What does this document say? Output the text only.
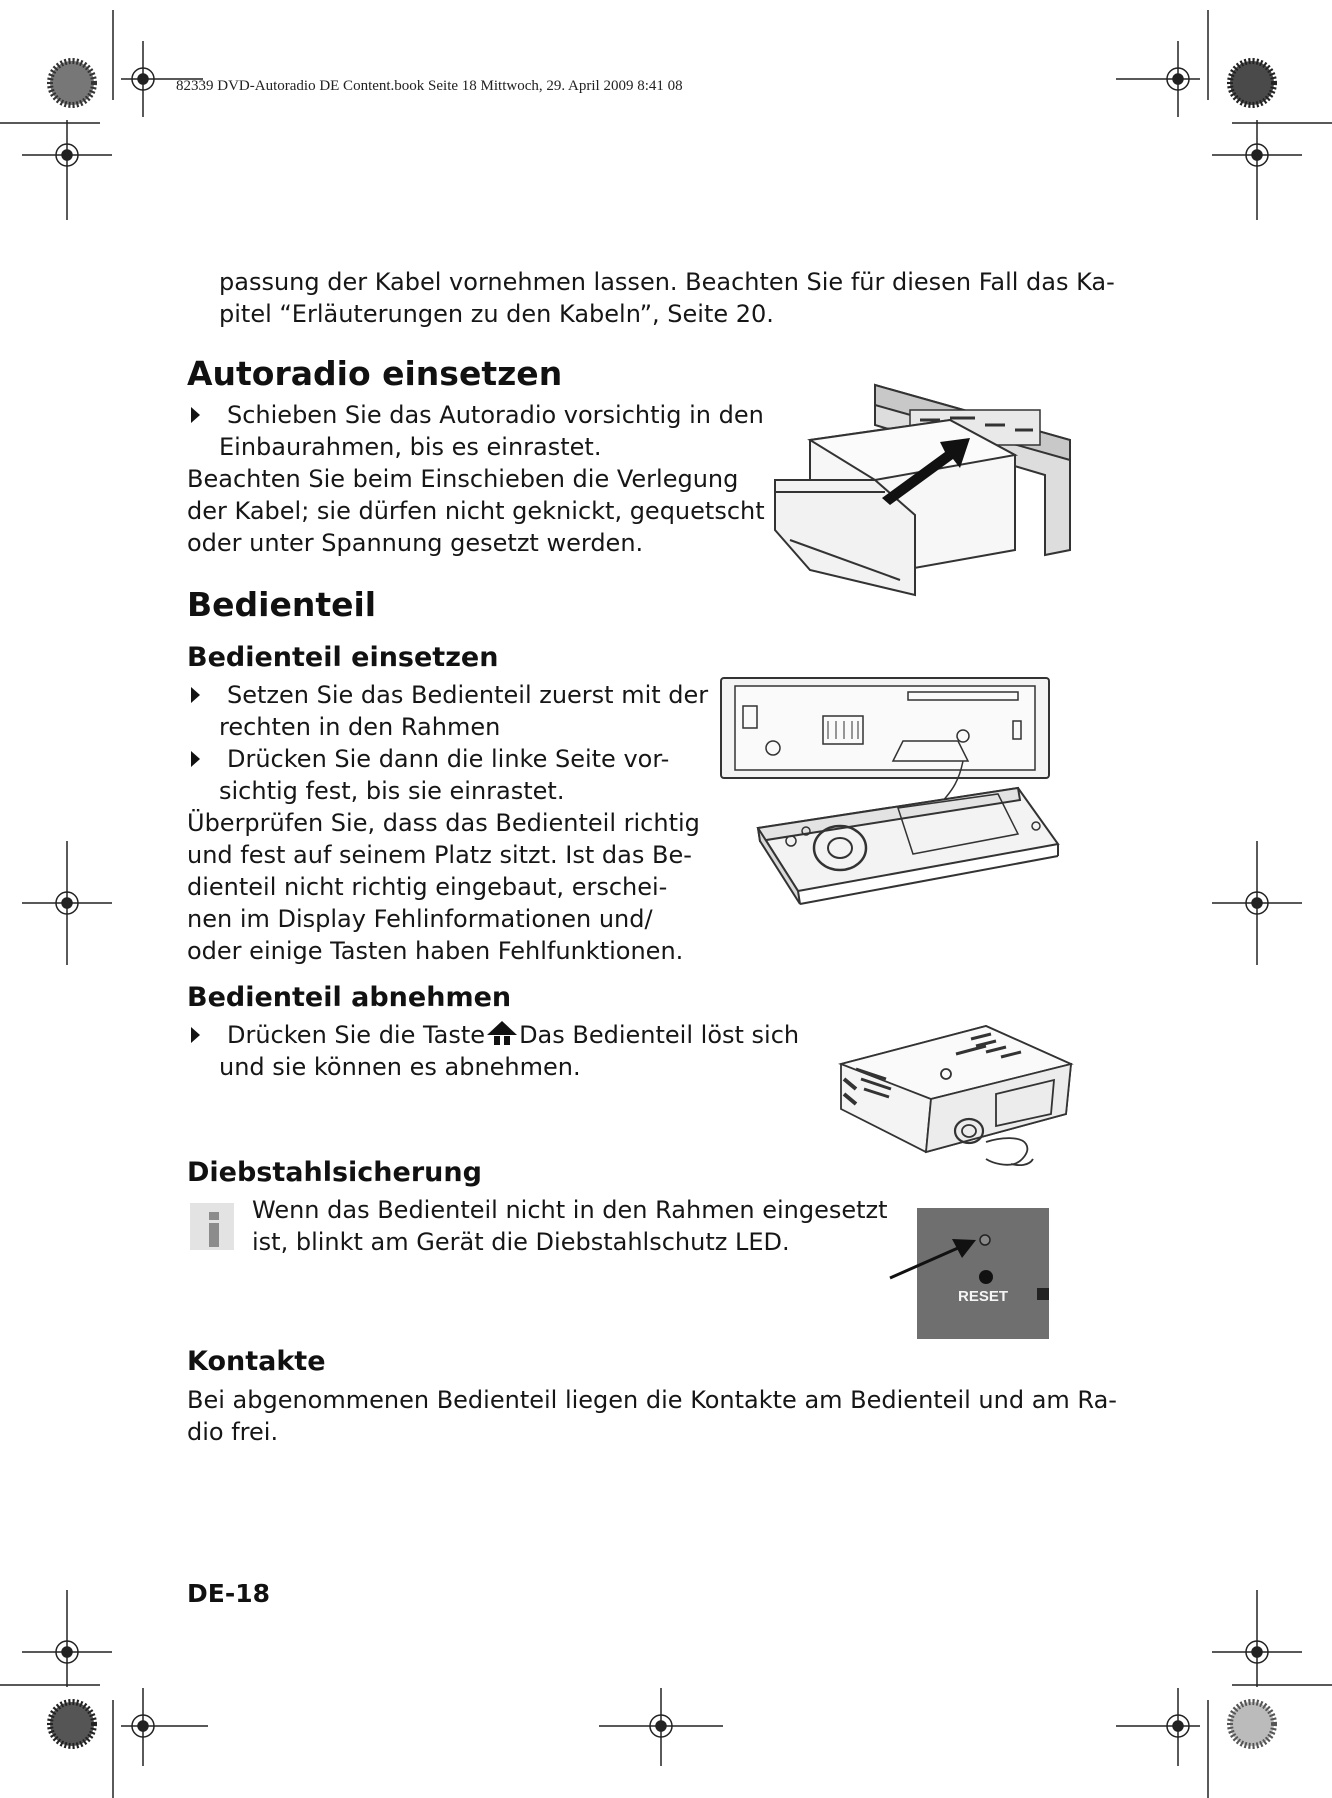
82339 DVD-Autoradio DE Content.book Seite 18 Mittwoch, 29. April 2009 8:41 08
passung der Kabel vornehmen lassen. Beachten Sie für diesen Fall das Ka-
pitel “Erläuterungen zu den Kabeln”, Seite 20.
Autoradio einsetzen
Schieben Sie das Autoradio vorsichtig in den
Einbaurahmen, bis es einrastet.
Beachten Sie beim Einschieben die Verlegung
der Kabel; sie dürfen nicht geknickt, gequetscht
oder unter Spannung gesetzt werden.
Bedienteil
Bedienteil einsetzen
Setzen Sie das Bedienteil zuerst mit der
rechten in den Rahmen
Drücken Sie dann die linke Seite vor-
sichtig fest, bis sie einrastet.
Überprüfen Sie, dass das Bedienteil richtig
und fest auf seinem Platz sitzt. Ist das Be-
dienteil nicht richtig eingebaut, erschei-
nen im Display Fehlinformationen und/
oder einige Tasten haben Fehlfunktionen.
Bedienteil abnehmen
Drücken Sie die Taste Das Bedienteil löst sich
und sie können es abnehmen.
Diebstahlsicherung
Wenn das Bedienteil nicht in den Rahmen eingesetzt
ist, blinkt am Gerät die Diebstahlschutz LED.
RESET
Kontakte
Bei abgenommenen Bedienteil liegen die Kontakte am Bedienteil und am Ra-
dio frei.
DE-18
